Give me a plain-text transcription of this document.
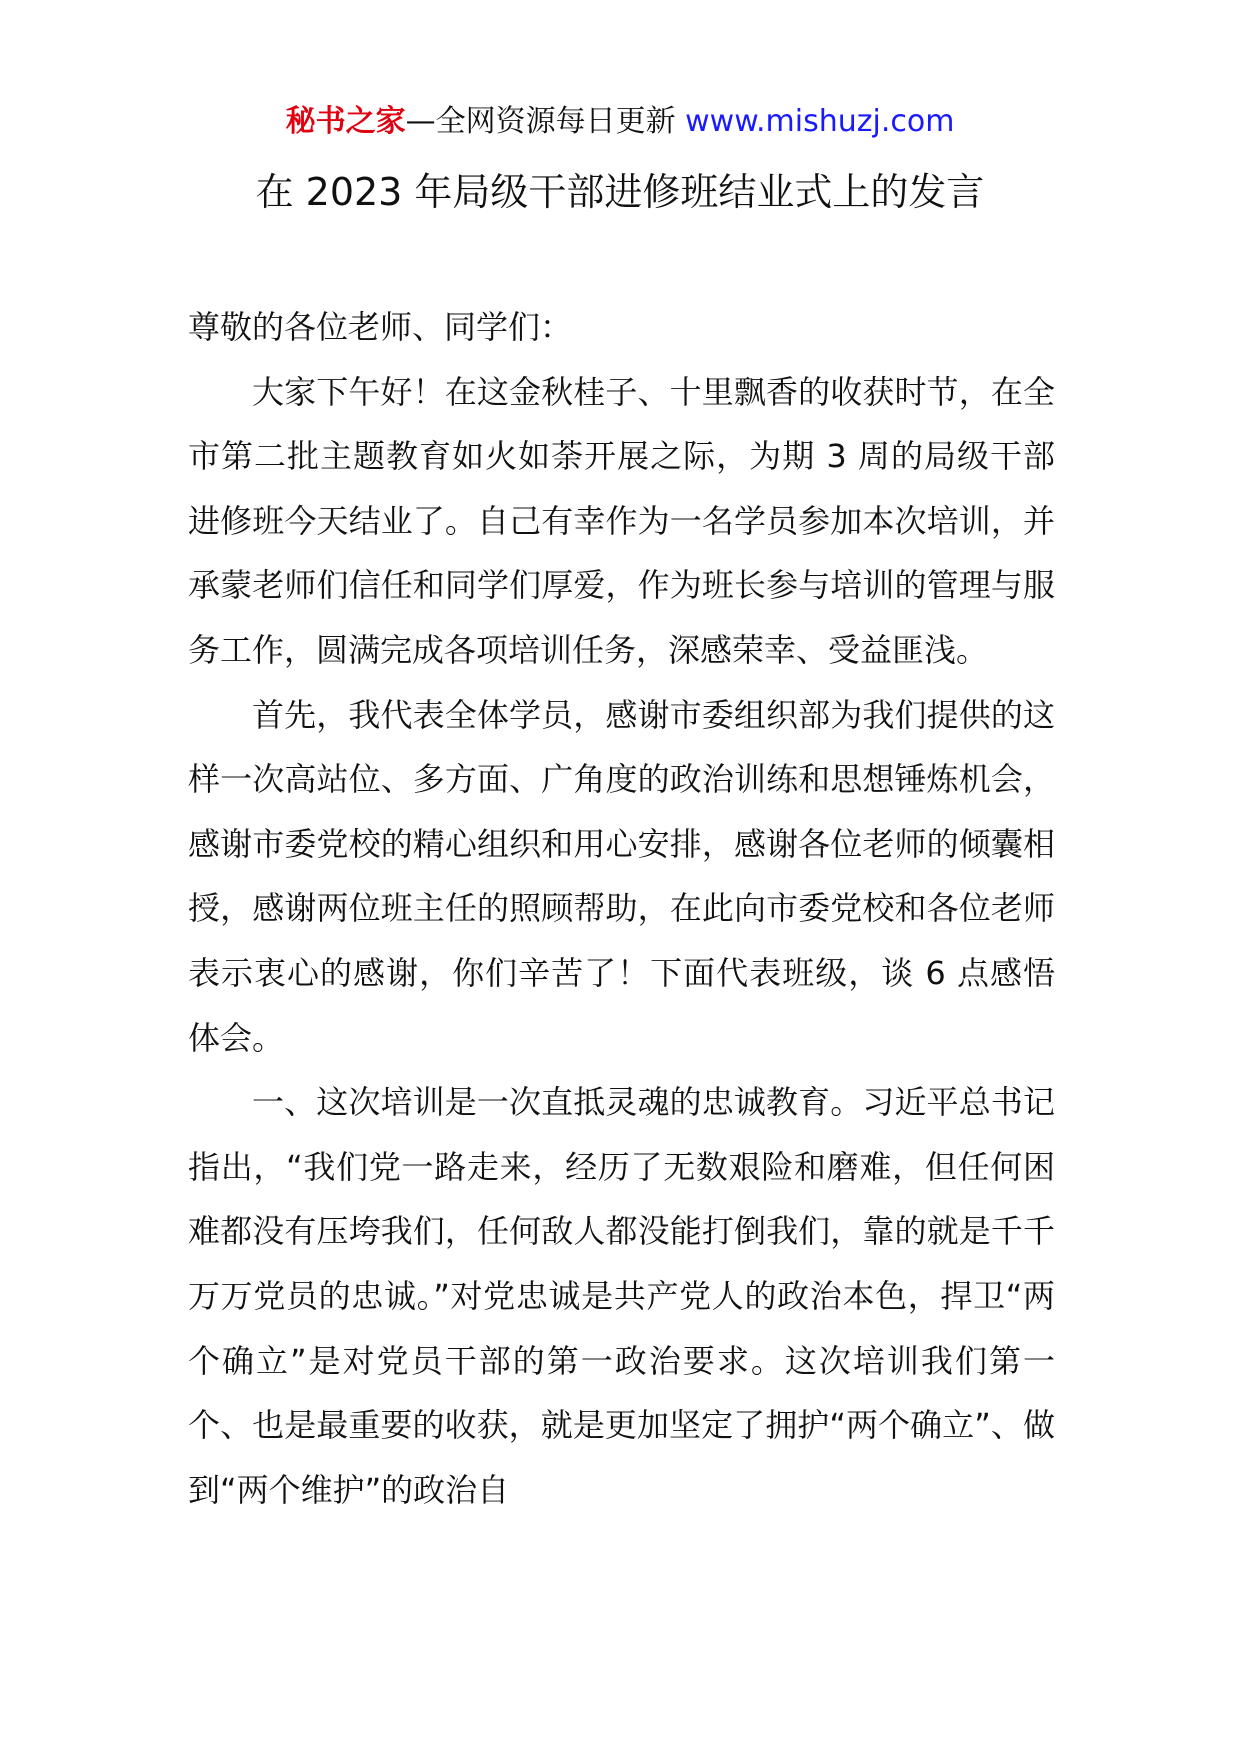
秘书之家—全网资源每日更新 www.mishuzj.com
在 2023 年局级干部进修班结业式上的发言

尊敬的各位老师、同学们：

大家下午好！在这金秋桂子、十里飘香的收获时节，在全市第二批主题教育如火如荼开展之际，为期 3 周的局级干部进修班今天结业了。自己有幸作为一名学员参加本次培训，并承蒙老师们信任和同学们厚爱，作为班长参与培训的管理与服务工作，圆满完成各项培训任务，深感荣幸、受益匪浅。

首先，我代表全体学员，感谢市委组织部为我们提供的这样一次高站位、多方面、广角度的政治训练和思想锤炼机会，感谢市委党校的精心组织和用心安排，感谢各位老师的倾囊相授，感谢两位班主任的照顾帮助，在此向市委党校和各位老师表示衷心的感谢，你们辛苦了！下面代表班级，谈 6 点感悟体会。

一、这次培训是一次直抵灵魂的忠诚教育。习近平总书记指出，“我们党一路走来，经历了无数艰险和磨难，但任何困难都没有压垮我们，任何敌人都没能打倒我们，靠的就是千千万万党员的忠诚。”对党忠诚是共产党人的政治本色，捍卫“两个确立”是对党员干部的第一政治要求。这次培训我们第一个、也是最重要的收获，就是更加坚定了拥护“两个确立”、做到“两个维护”的政治自
